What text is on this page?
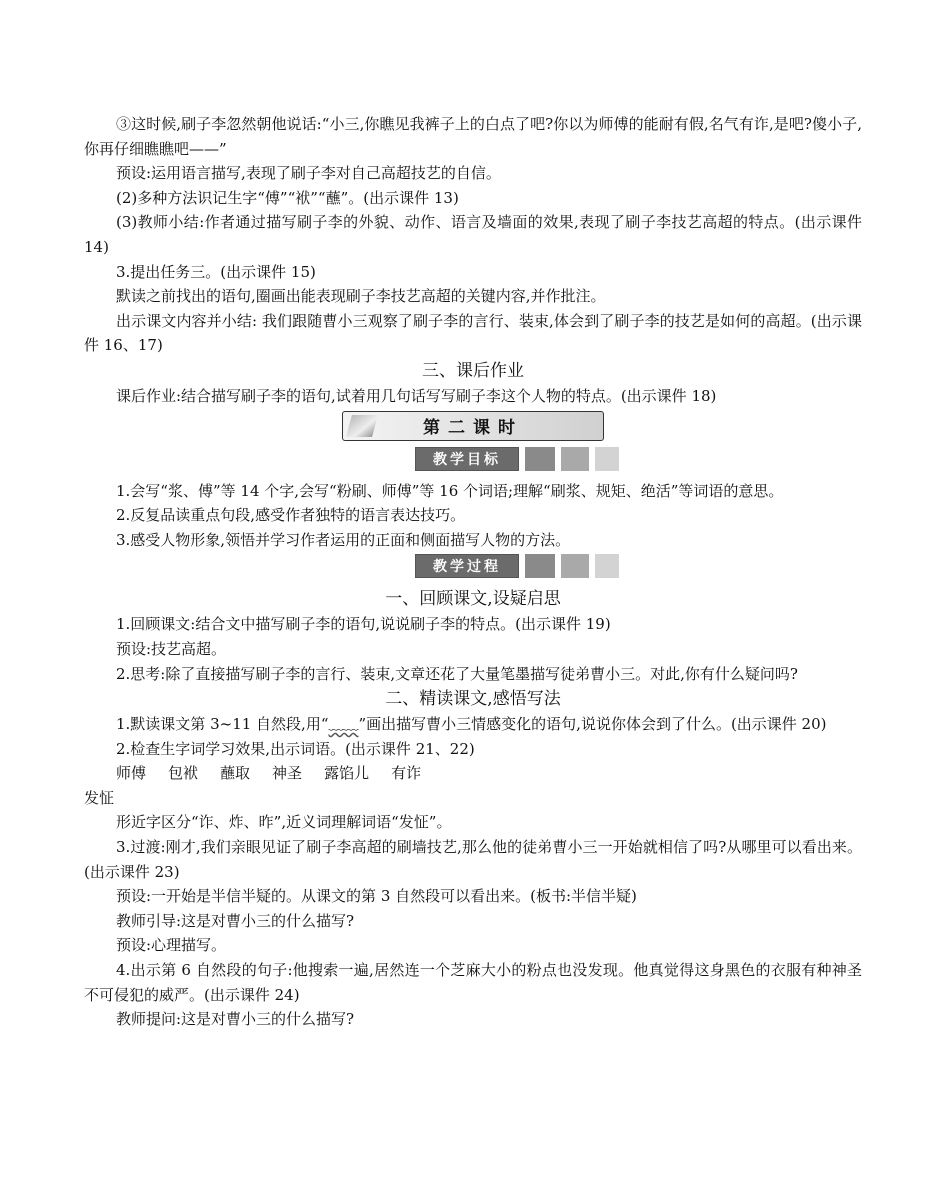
③这时候,刷子李忽然朝他说话:“小三,你瞧见我裤子上的白点了吧?你以为师傅的能耐有假,名气有诈,是吧?傻小子,你再仔细瞧瞧吧——”

预设:运用语言描写,表现了刷子李对自己高超技艺的自信。

(2)多种方法识记生字“傅”“袱”“蘸”。(出示课件 13)

(3)教师小结:作者通过描写刷子李的外貌、动作、语言及墙面的效果,表现了刷子李技艺高超的特点。(出示课件 14)

3.提出任务三。(出示课件 15)

默读之前找出的语句,圈画出能表现刷子李技艺高超的关键内容,并作批注。

出示课文内容并小结: 我们跟随曹小三观察了刷子李的言行、装束,体会到了刷子李的技艺是如何的高超。(出示课件 16、17)

三、课后作业

课后作业:结合描写刷子李的语句,试着用几句话写写刷子李这个人物的特点。(出示课件 18)

第二课时
教学目标

1.会写“浆、傅”等 14 个字,会写“粉刷、师傅”等 16 个词语;理解“刷浆、规矩、绝活”等词语的意思。

2.反复品读重点句段,感受作者独特的语言表达技巧。

3.感受人物形象,领悟并学习作者运用的正面和侧面描写人物的方法。

教学过程

一、回顾课文,设疑启思

1.回顾课文:结合文中描写刷子李的语句,说说刷子李的特点。(出示课件 19)

预设:技艺高超。

2.思考:除了直接描写刷子李的言行、装束,文章还花了大量笔墨描写徒弟曹小三。对此,你有什么疑问吗?

二、精读课文,感悟写法

1.默读课文第 3~11 自然段,用“﹏﹏”画出描写曹小三情感变化的语句,说说你体会到了什么。(出示课件 20)

2.检查生字词学习效果,出示词语。(出示课件 21、22)

师傅 包袱 蘸取 神圣 露馅儿 有诈

发怔

形近字区分“诈、炸、昨”,近义词理解词语“发怔”。

3.过渡:刚才,我们亲眼见证了刷子李高超的刷墙技艺,那么他的徒弟曹小三一开始就相信了吗?从哪里可以看出来。(出示课件 23)

预设:一开始是半信半疑的。从课文的第 3 自然段可以看出来。(板书:半信半疑)

教师引导:这是对曹小三的什么描写?

预设:心理描写。

4.出示第 6 自然段的句子:他搜索一遍,居然连一个芝麻大小的粉点也没发现。他真觉得这身黑色的衣服有种神圣不可侵犯的威严。(出示课件 24)

教师提问:这是对曹小三的什么描写?
